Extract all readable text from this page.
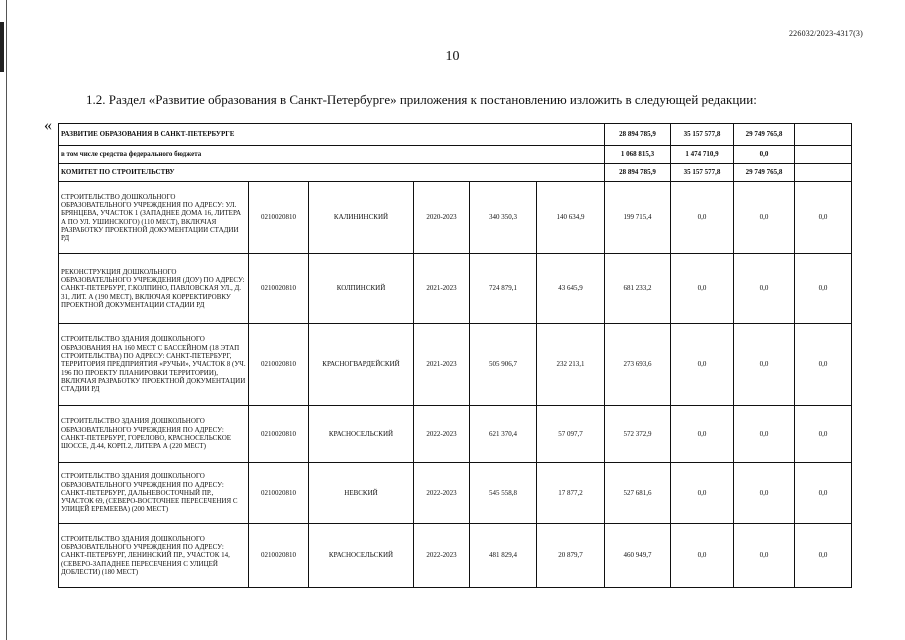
226032/2023-4317(3)
10
1.2. Раздел «Развитие образования в Санкт-Петербурге» приложения к постановлению изложить в следующей редакции:
«
РАЗВИТИЕ ОБРАЗОВАНИЯ В САНКТ-ПЕТЕРБУРГЕ						28 894 785,9	35 157 577,8	29 749 765,8	
в том числе средства федерального бюджета						1 068 815,3	1 474 710,9	0,0	
КОМИТЕТ ПО СТРОИТЕЛЬСТВУ						28 894 785,9	35 157 577,8	29 749 765,8	
СТРОИТЕЛЬСТВО ДОШКОЛЬНОГО ОБРАЗОВАТЕЛЬНОГО УЧРЕЖДЕНИЯ ПО АДРЕСУ: УЛ. БРЯНЦЕВА, УЧАСТОК 1 (ЗАПАДНЕЕ ДОМА 16, ЛИТЕРА А ПО УЛ. УШИНСКОГО) (110 МЕСТ), ВКЛЮЧАЯ РАЗРАБОТКУ ПРОЕКТНОЙ ДОКУМЕНТАЦИИ СТАДИИ РД	0210020810	КАЛИНИНСКИЙ	2020-2023	340 350,3	140 634,9	199 715,4	0,0	0,0	0,0
РЕКОНСТРУКЦИЯ ДОШКОЛЬНОГО ОБРАЗОВАТЕЛЬНОГО УЧРЕЖДЕНИЯ (ДОУ) ПО АДРЕСУ: САНКТ-ПЕТЕРБУРГ, Г.КОЛПИНО, ПАВЛОВСКАЯ УЛ., Д. 31, ЛИТ. А (190 МЕСТ), ВКЛЮЧАЯ КОРРЕКТИРОВКУ ПРОЕКТНОЙ ДОКУМЕНТАЦИИ СТАДИИ РД	0210020810	КОЛПИНСКИЙ	2021-2023	724 879,1	43 645,9	681 233,2	0,0	0,0	0,0
СТРОИТЕЛЬСТВО ЗДАНИЯ ДОШКОЛЬНОГО ОБРАЗОВАНИЯ НА 160 МЕСТ С БАССЕЙНОМ (18 ЭТАП СТРОИТЕЛЬСТВА) ПО АДРЕСУ: САНКТ-ПЕТЕРБУРГ, ТЕРРИТОРИЯ ПРЕДПРИЯТИЯ «РУЧЬИ», УЧАСТОК 8 (УЧ. 196 ПО ПРОЕКТУ ПЛАНИРОВКИ ТЕРРИТОРИИ), ВКЛЮЧАЯ РАЗРАБОТКУ ПРОЕКТНОЙ ДОКУМЕНТАЦИИ СТАДИИ РД	0210020810	КРАСНОГВАРДЕЙСКИЙ	2021-2023	505 906,7	232 213,1	273 693,6	0,0	0,0	0,0
СТРОИТЕЛЬСТВО ЗДАНИЯ ДОШКОЛЬНОГО ОБРАЗОВАТЕЛЬНОГО УЧРЕЖДЕНИЯ ПО АДРЕСУ: САНКТ-ПЕТЕРБУРГ, ГОРЕЛОВО, КРАСНОСЕЛЬСКОЕ ШОССЕ, Д.44, КОРП.2, ЛИТЕРА А (220 МЕСТ)	0210020810	КРАСНОСЕЛЬСКИЙ	2022-2023	621 370,4	57 097,7	572 372,9	0,0	0,0	0,0
СТРОИТЕЛЬСТВО ЗДАНИЯ ДОШКОЛЬНОГО ОБРАЗОВАТЕЛЬНОГО УЧРЕЖДЕНИЯ ПО АДРЕСУ: САНКТ-ПЕТЕРБУРГ, ДАЛЬНЕВОСТОЧНЫЙ ПР., УЧАСТОК 69, (СЕВЕРО-ВОСТОЧНЕЕ ПЕРЕСЕЧЕНИЯ С УЛИЦЕЙ ЕРЕМЕЕВА) (200 МЕСТ)	0210020810	НЕВСКИЙ	2022-2023	545 558,8	17 877,2	527 681,6	0,0	0,0	0,0
СТРОИТЕЛЬСТВО ЗДАНИЯ ДОШКОЛЬНОГО ОБРАЗОВАТЕЛЬНОГО УЧРЕЖДЕНИЯ ПО АДРЕСУ: САНКТ-ПЕТЕРБУРГ, ЛЕНИНСКИЙ ПР., УЧАСТОК 14, (СЕВЕРО-ЗАПАДНЕЕ ПЕРЕСЕЧЕНИЯ С УЛИЦЕЙ ДОБЛЕСТИ) (180 МЕСТ)	0210020810	КРАСНОСЕЛЬСКИЙ	2022-2023	481 829,4	20 879,7	460 949,7	0,0	0,0	0,0
